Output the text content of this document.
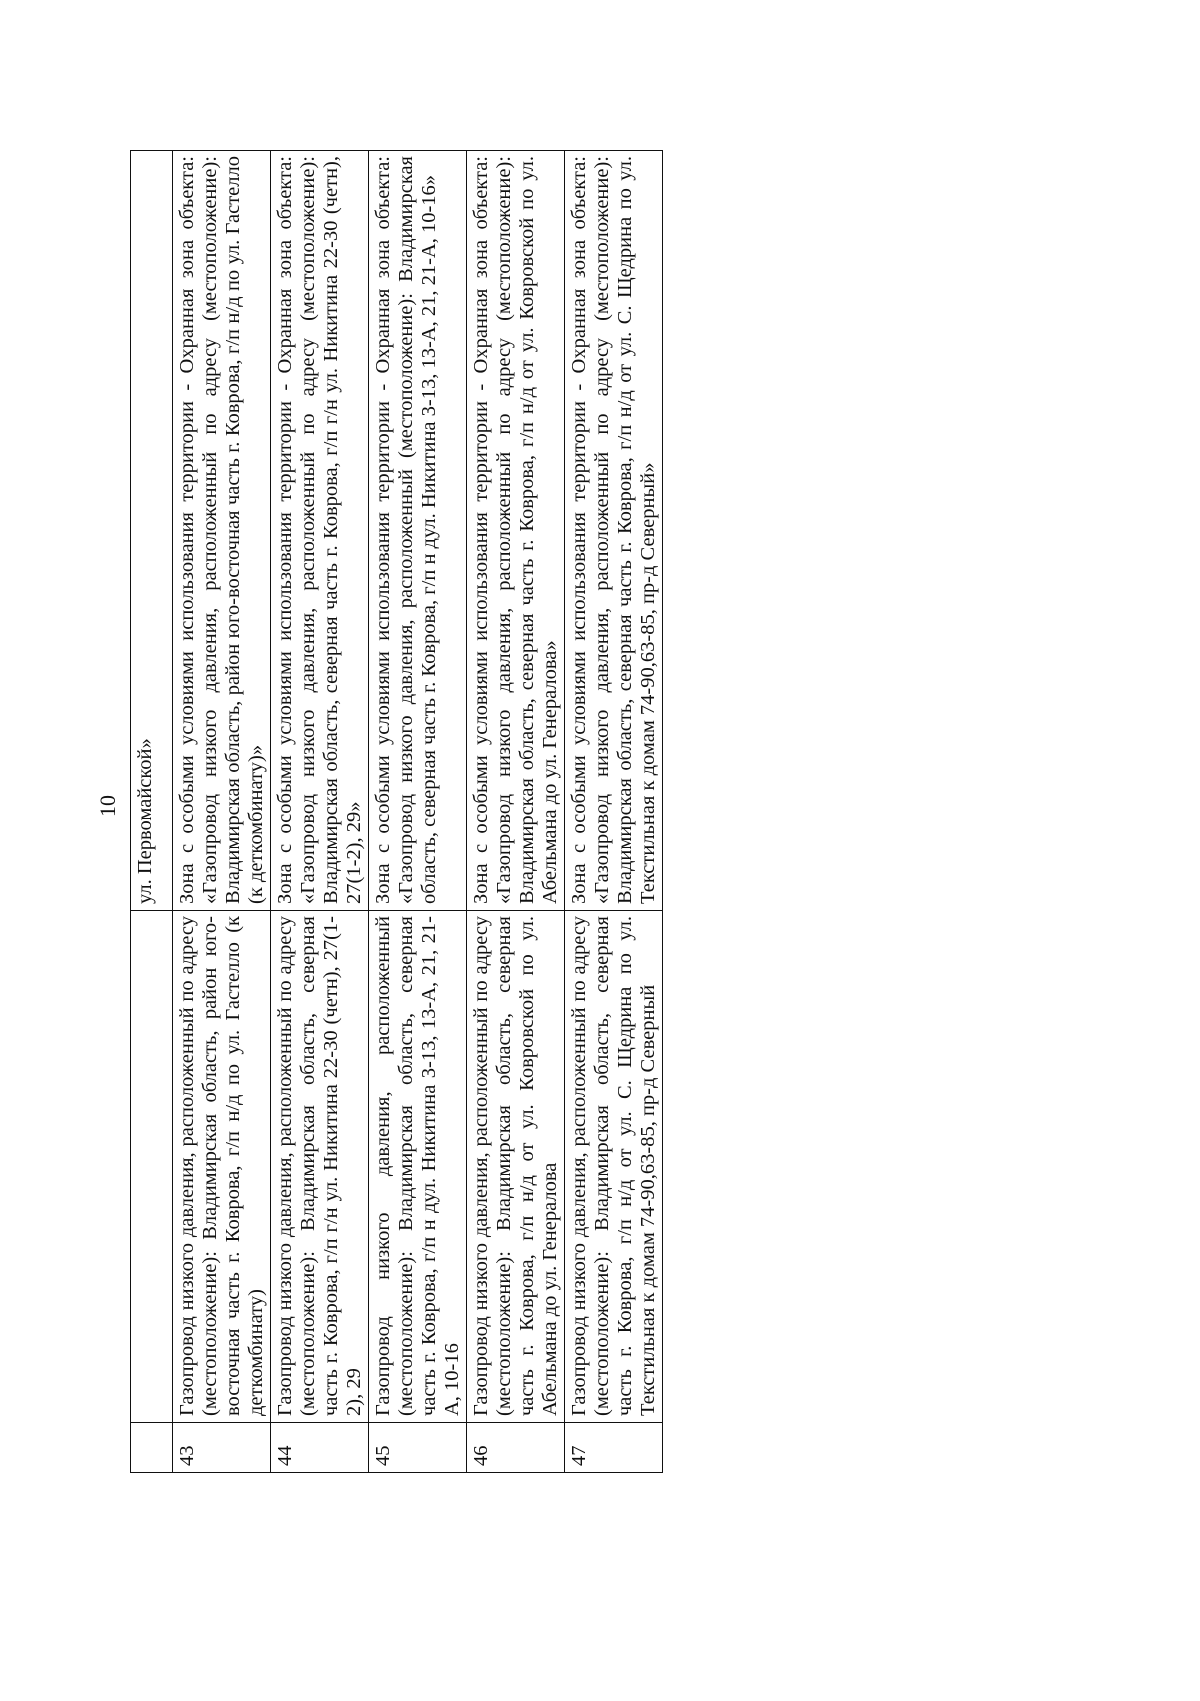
10
		ул. Первомайской»
43	Газопровод низкого давления, расположенный по адресу (местоположение): Владимирская область, район юго-восточная часть г. Коврова, г/п н/д по ул. Гастелло (к деткомбинату)	Зона с особыми условиями использования территории - Охранная зона объекта: «Газопровод низкого давления, расположенный по адресу (местоположение): Владимирская область, район юго-восточная часть г. Коврова, г/п н/д по ул. Гастелло (к деткомбинату)»
44	Газопровод низкого давления, расположенный по адресу (местоположение): Владимирская область, северная часть г. Коврова, г/п г/н ул. Никитина 22-30 (четн), 27(1-2), 29	Зона с особыми условиями использования территории - Охранная зона объекта: «Газопровод низкого давления, расположенный по адресу (местоположение): Владимирская область, северная часть г. Коврова, г/п г/н ул. Никитина 22-30 (четн), 27(1-2), 29»
45	Газопровод низкого давления, расположенный (местоположение): Владимирская область, северная часть г. Коврова, г/п н дул. Никитина 3-13, 13-А, 21, 21-А, 10-16	Зона с особыми условиями использования территории - Охранная зона объекта: «Газопровод низкого давления, расположенный (местоположение): Владимирская область, северная часть г. Коврова, г/п н дул. Никитина 3-13, 13-А, 21, 21-А, 10-16»
46	Газопровод низкого давления, расположенный по адресу (местоположение): Владимирская область, северная часть г. Коврова, г/п н/д от ул. Ковровской по ул. Абельмана до ул. Генералова	Зона с особыми условиями использования территории - Охранная зона объекта: «Газопровод низкого давления, расположенный по адресу (местоположение): Владимирская область, северная часть г. Коврова, г/п н/д от ул. Ковровской по ул. Абельмана до ул. Генералова»
47	Газопровод низкого давления, расположенный по адресу (местоположение): Владимирская область, северная часть г. Коврова, г/п н/д от ул. С. Щедрина по ул. Текстильная к домам 74-90,63-85, пр-д Северный	Зона с особыми условиями использования территории - Охранная зона объекта: «Газопровод низкого давления, расположенный по адресу (местоположение): Владимирская область, северная часть г. Коврова, г/п н/д от ул. С. Щедрина по ул. Текстильная к домам 74-90,63-85, пр-д Северный»
